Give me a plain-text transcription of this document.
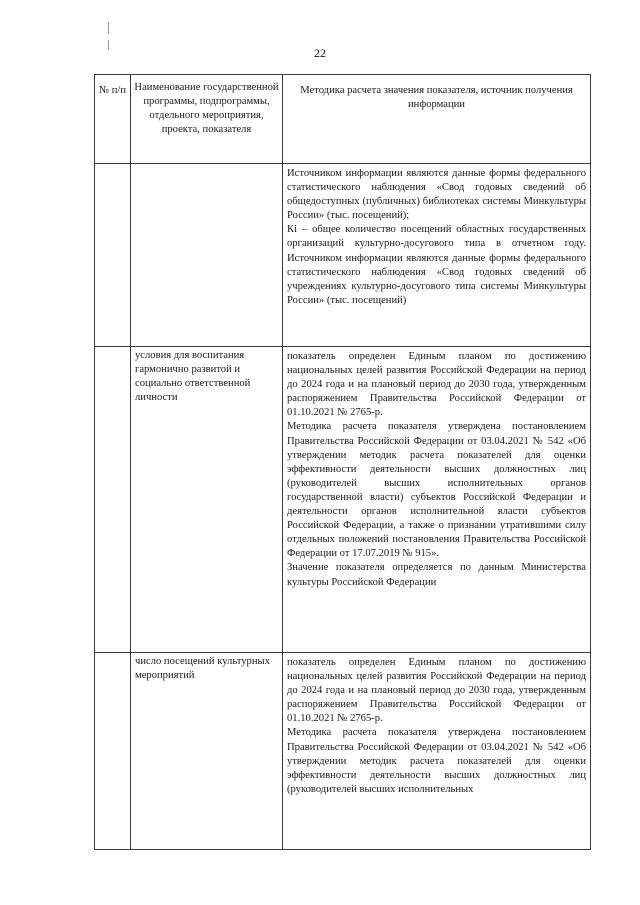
22
№ п/п	Наименование государственной программы, подпрограммы, отдельного мероприятия, проекта, показателя	Методика расчета значения показателя, источник получения информации

		Источником информации являются данные формы федерального статистического наблюдения «Свод годовых сведений об общедоступных (публичных) библиотеках системы Минкультуры России» (тыс. посещений);

Кi – общее количество посещений областных государственных организаций культурно-досугового типа в отчетном году. Источником информации являются данные формы федерального статистического наблюдения «Свод годовых сведений об учреждениях культурно-досугового типа системы Минкультуры России» (тыс. посещений)

	условия для воспитания гармонично развитой и социально ответственной личности	показатель определен Единым планом по достижению национальных целей развития Российской Федерации на период до 2024 года и на плановый период до 2030 года, утвержденным распоряжением Правительства Российской Федерации от 01.10.2021 № 2765-р.

Методика расчета показателя утверждена постановлением Правительства Российской Федерации от 03.04.2021 № 542 «Об утверждении методик расчета показателей для оценки эффективности деятельности высших должностных лиц (руководителей высших исполнительных органов государственной власти) субъектов Российской Федерации и деятельности органов исполнительной власти субъектов Российской Федерации, а также о признании утратившими силу отдельных положений постановления Правительства Российской Федерации от 17.07.2019 № 915».

Значение показателя определяется по данным Министерства культуры Российской Федерации

	число посещений культурных мероприятий	показатель определен Единым планом по достижению национальных целей развития Российской Федерации на период до 2024 года и на плановый период до 2030 года, утвержденным распоряжением Правительства Российской Федерации от 01.10.2021 № 2765-р.

Методика расчета показателя утверждена постановлением Правительства Российской Федерации от 03.04.2021 № 542 «Об утверждении методик расчета показателей для оценки эффективности деятельности высших должностных лиц (руководителей высших исполнительных
